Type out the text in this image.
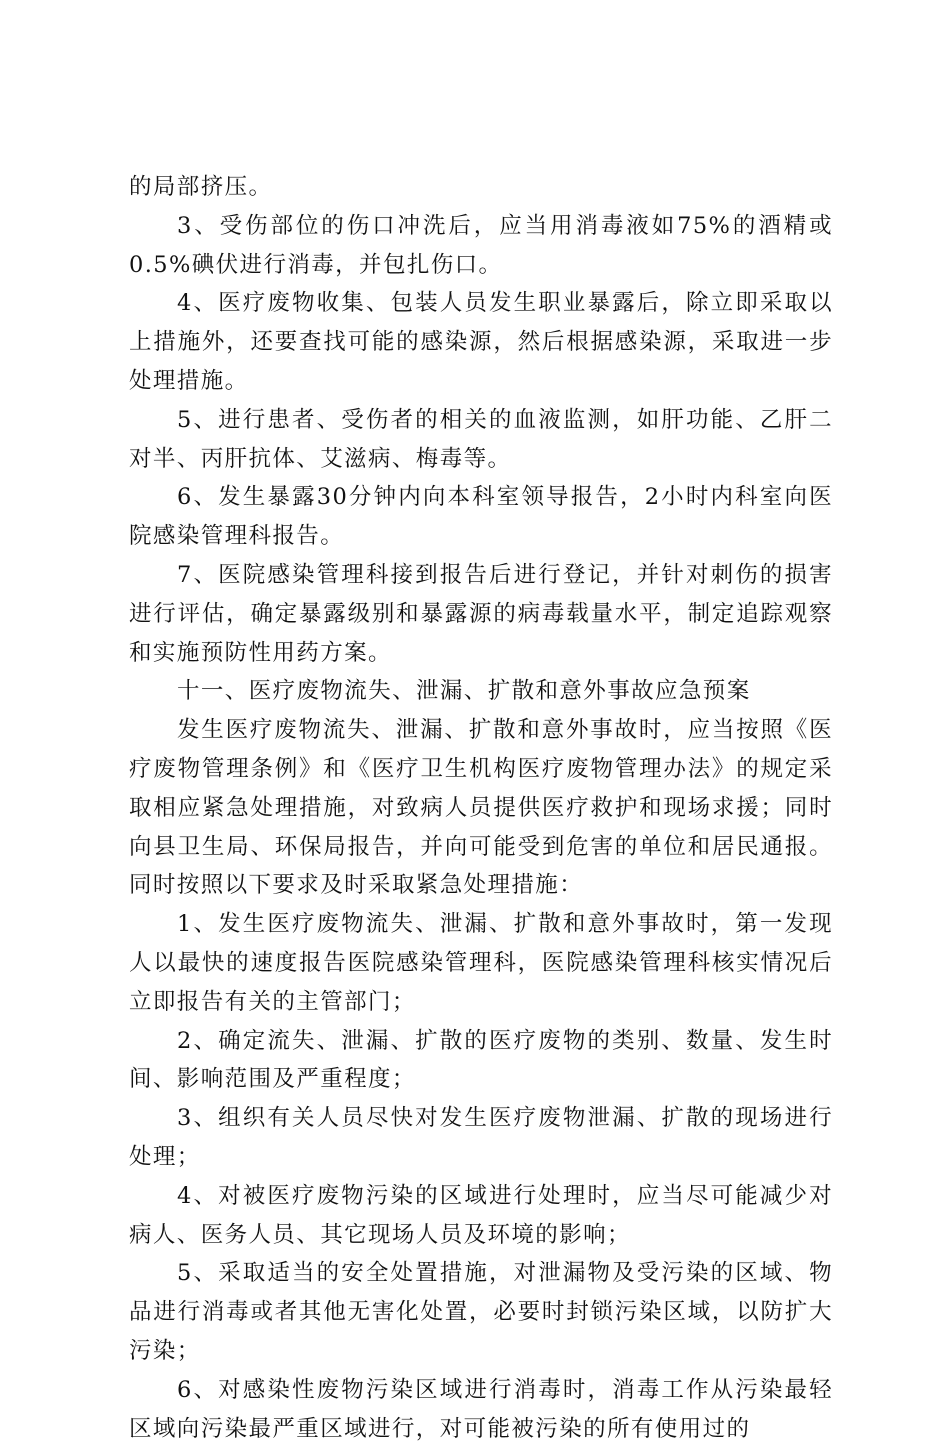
的局部挤压。

3、受伤部位的伤口冲洗后，应当用消毒液如75%的酒精或0.5%碘伏进行消毒，并包扎伤口。

4、医疗废物收集、包装人员发生职业暴露后，除立即采取以上措施外，还要查找可能的感染源，然后根据感染源，采取进一步处理措施。

5、进行患者、受伤者的相关的血液监测，如肝功能、乙肝二对半、丙肝抗体、艾滋病、梅毒等。

6、发生暴露30分钟内向本科室领导报告，2小时内科室向医院感染管理科报告。

7、医院感染管理科接到报告后进行登记，并针对刺伤的损害进行评估，确定暴露级别和暴露源的病毒载量水平，制定追踪观察和实施预防性用药方案。

十一、医疗废物流失、泄漏、扩散和意外事故应急预案

发生医疗废物流失、泄漏、扩散和意外事故时，应当按照《医疗废物管理条例》和《医疗卫生机构医疗废物管理办法》的规定采取相应紧急处理措施，对致病人员提供医疗救护和现场求援；同时向县卫生局、环保局报告，并向可能受到危害的单位和居民通报。同时按照以下要求及时采取紧急处理措施：

1、发生医疗废物流失、泄漏、扩散和意外事故时，第一发现人以最快的速度报告医院感染管理科，医院感染管理科核实情况后立即报告有关的主管部门；

2、确定流失、泄漏、扩散的医疗废物的类别、数量、发生时间、影响范围及严重程度；

3、组织有关人员尽快对发生医疗废物泄漏、扩散的现场进行处理；

4、对被医疗废物污染的区域进行处理时，应当尽可能减少对病人、医务人员、其它现场人员及环境的影响；

5、采取适当的安全处置措施，对泄漏物及受污染的区域、物品进行消毒或者其他无害化处置，必要时封锁污染区域，以防扩大污染；

6、对感染性废物污染区域进行消毒时，消毒工作从污染最轻区域向污染最严重区域进行，对可能被污染的所有使用过的
